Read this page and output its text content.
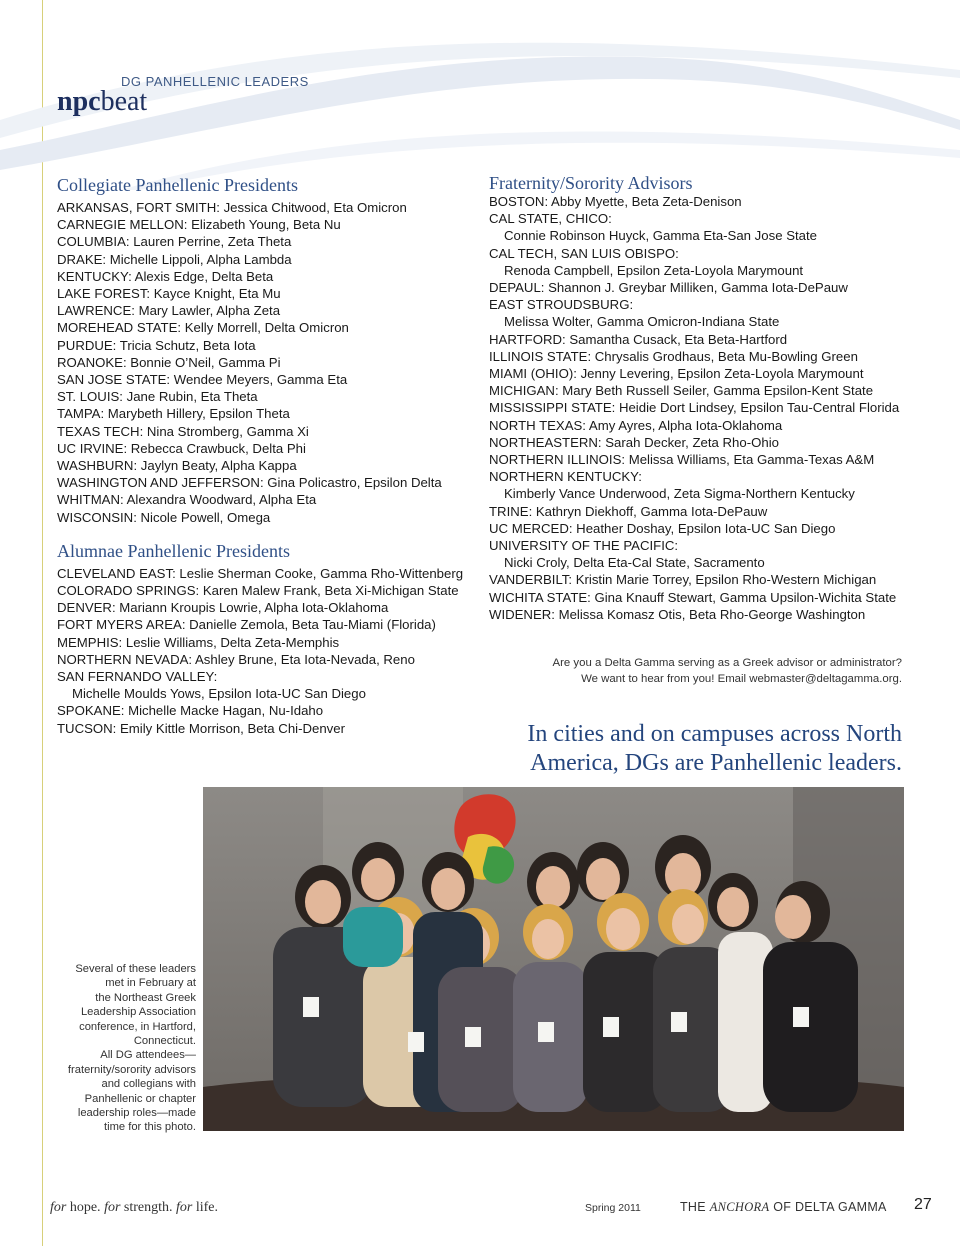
DG PANHELLENIC LEADERS
npcbeat
Collegiate Panhellenic Presidents
ARKANSAS, FORT SMITH: Jessica Chitwood, Eta Omicron
CARNEGIE MELLON: Elizabeth Young, Beta Nu
COLUMBIA: Lauren Perrine, Zeta Theta
DRAKE: Michelle Lippoli, Alpha Lambda
KENTUCKY: Alexis Edge, Delta Beta
LAKE FOREST: Kayce Knight, Eta Mu
LAWRENCE: Mary Lawler, Alpha Zeta
MOREHEAD STATE: Kelly Morrell, Delta Omicron
PURDUE: Tricia Schutz, Beta Iota
ROANOKE: Bonnie O’Neil, Gamma Pi
SAN JOSE STATE: Wendee Meyers, Gamma Eta
ST. LOUIS: Jane Rubin, Eta Theta
TAMPA: Marybeth Hillery, Epsilon Theta
TEXAS TECH: Nina Stromberg, Gamma Xi
UC IRVINE: Rebecca Crawbuck, Delta Phi
WASHBURN: Jaylyn Beaty, Alpha Kappa
WASHINGTON AND JEFFERSON: Gina Policastro, Epsilon Delta
WHITMAN: Alexandra Woodward, Alpha Eta
WISCONSIN: Nicole Powell, Omega
Alumnae Panhellenic Presidents
CLEVELAND EAST: Leslie Sherman Cooke, Gamma Rho-Wittenberg
COLORADO SPRINGS: Karen Malew Frank, Beta Xi-Michigan State
DENVER: Mariann Kroupis Lowrie, Alpha Iota-Oklahoma
FORT MYERS AREA: Danielle Zemola, Beta Tau-Miami (Florida)
MEMPHIS: Leslie Williams, Delta Zeta-Memphis
NORTHERN NEVADA: Ashley Brune, Eta Iota-Nevada, Reno
SAN FERNANDO VALLEY:
Michelle Moulds Yows, Epsilon Iota-UC San Diego
SPOKANE: Michelle Macke Hagan, Nu-Idaho
TUCSON: Emily Kittle Morrison, Beta Chi-Denver
Fraternity/Sorority Advisors
BOSTON: Abby Myette, Beta Zeta-Denison
CAL STATE, CHICO:
Connie Robinson Huyck, Gamma Eta-San Jose State
CAL TECH, SAN LUIS OBISPO:
Renoda Campbell, Epsilon Zeta-Loyola Marymount
DEPAUL: Shannon J. Greybar Milliken, Gamma Iota-DePauw
EAST STROUDSBURG:
Melissa Wolter, Gamma Omicron-Indiana State
HARTFORD: Samantha Cusack, Eta Beta-Hartford
ILLINOIS STATE: Chrysalis Grodhaus, Beta Mu-Bowling Green
MIAMI (OHIO): Jenny Levering, Epsilon Zeta-Loyola Marymount
MICHIGAN: Mary Beth Russell Seiler, Gamma Epsilon-Kent State
MISSISSIPPI STATE: Heidie Dort Lindsey, Epsilon Tau-Central Florida
NORTH TEXAS: Amy Ayres, Alpha Iota-Oklahoma
NORTHEASTERN: Sarah Decker, Zeta Rho-Ohio
NORTHERN ILLINOIS: Melissa Williams, Eta Gamma-Texas A&M
NORTHERN KENTUCKY:
Kimberly Vance Underwood, Zeta Sigma-Northern Kentucky
TRINE: Kathryn Diekhoff, Gamma Iota-DePauw
UC MERCED: Heather Doshay, Epsilon Iota-UC San Diego
UNIVERSITY OF THE PACIFIC:
Nicki Croly, Delta Eta-Cal State, Sacramento
VANDERBILT: Kristin Marie Torrey, Epsilon Rho-Western Michigan
WICHITA STATE: Gina Knauff Stewart, Gamma Upsilon-Wichita State
WIDENER: Melissa Komasz Otis, Beta Rho-George Washington
Are you a Delta Gamma serving as a Greek advisor or administrator?
We want to hear from you! Email webmaster@deltagamma.org.
In cities and on campuses across North
America, DGs are Panhellenic leaders.
Several of these leaders
met in February at
the Northeast Greek
Leadership Association
conference, in Hartford,
Connecticut.
All DG attendees—
fraternity/sorority advisors
and collegians with
Panhellenic or chapter
leadership roles—made
time for this photo.
for hope. for strength. for life.	Spring 2011	THE ANCHORA OF DELTA GAMMA 27
